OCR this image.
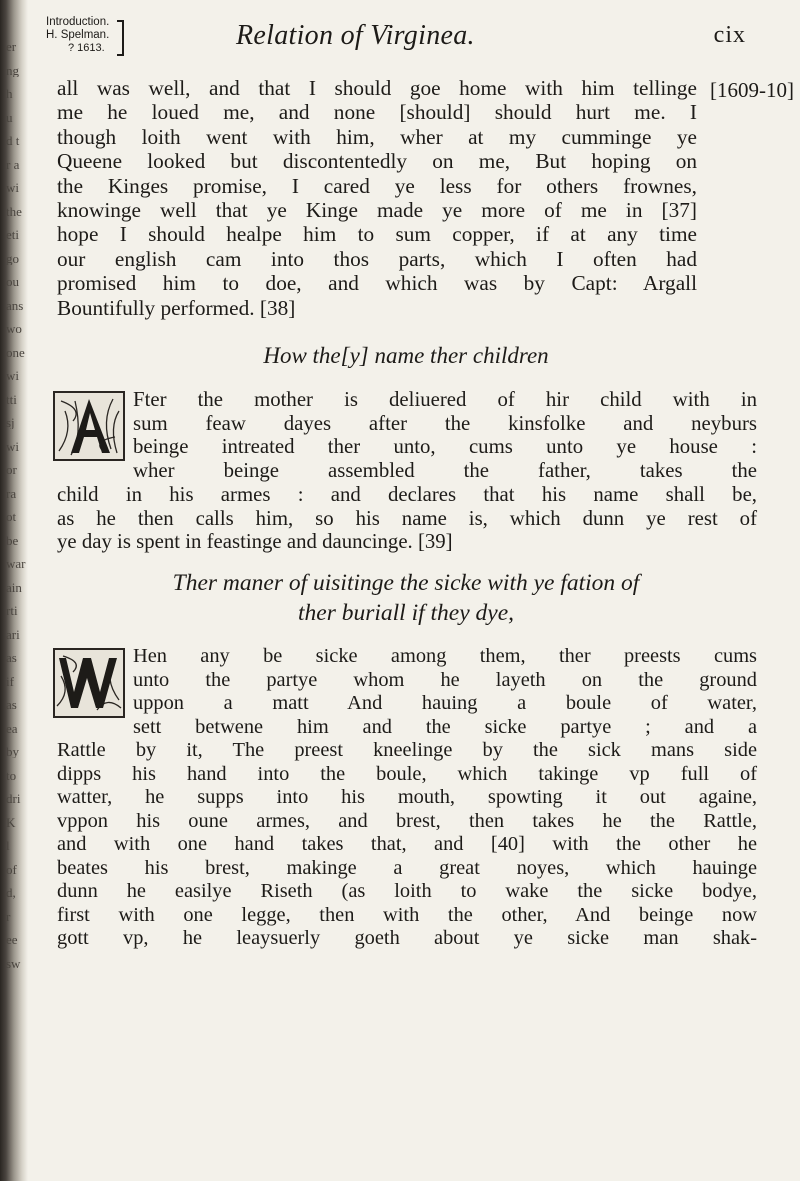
er
ng
h
u
d t
r a
wi
the
eti
go
ou
ans
wo
one
wi
tti
sj
wi
or
ra
ot
be
war
ain
rti
ari
as
if
as
ea
by
to
dri
K
l
of
d,
r
ee
sw
Introduction.
H. Spelman.
? 1613.	Relation of Virginea.	cix
[1609-10]
all was well, and that I should goe home with him tellinge
me he loued me, and none [should] should hurt me. I
though loith went with him, wher at my cumminge ye
Queene looked but discontentedly on me, But hoping on
the Kinges promise, I cared ye less for others frownes,
knowinge well that ye Kinge made ye more of me in [37]
hope I should healpe him to sum copper, if at any time
our english cam into thos parts, which I often had
promised him to doe, and which was by Capt: Argall
Bountifully performed. [38]
How the[y] name ther children
Fter the mother is deliuered of hir child with in
sum feaw dayes after the kinsfolke and neyburs
beinge intreated ther unto, cums unto ye house :
wher beinge assembled the father, takes the
child in his armes : and declares that his name shall be,
as he then calls him, so his name is, which dunn ye rest of
ye day is spent in feastinge and dauncinge. [39]
Ther maner of uisitinge the sicke with ye fation of
ther buriall if they dye,
Hen any be sicke among them, ther preests cums
unto the partye whom he layeth on the ground
uppon a matt And hauing a boule of water,
sett betwene him and the sicke partye ; and a
Rattle by it, The preest kneelinge by the sick mans side
dipps his hand into the boule, which takinge vp full of
watter, he supps into his mouth, spowting it out againe,
vppon his oune armes, and brest, then takes he the Rattle,
and with one hand takes that, and [40] with the other he
beates his brest, makinge a great noyes, which hauinge
dunn he easilye Riseth (as loith to wake the sicke bodye,
first with one legge, then with the other, And beinge now
gott vp, he leaysuerly goeth about ye sicke man shak-
